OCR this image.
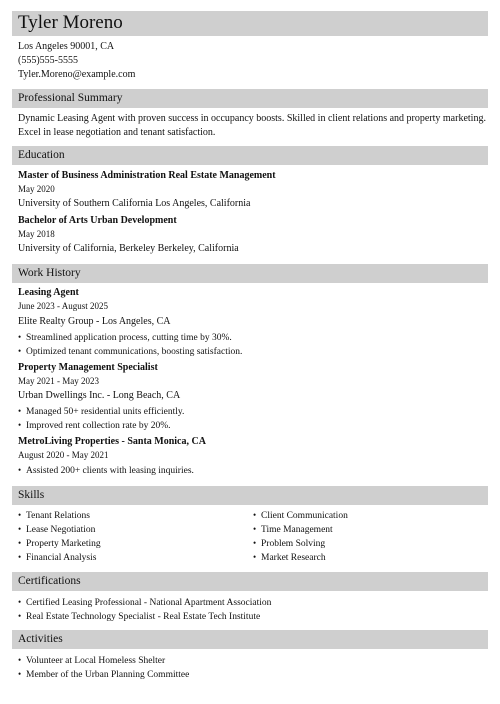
Tyler Moreno
Los Angeles 90001, CA
(555)555-5555
Tyler.Moreno@example.com
Professional Summary
Dynamic Leasing Agent with proven success in occupancy boosts. Skilled in client relations and property marketing. Excel in lease negotiation and tenant satisfaction.
Education
Master of Business Administration Real Estate Management
May 2020
University of Southern California Los Angeles, California
Bachelor of Arts Urban Development
May 2018
University of California, Berkeley Berkeley, California
Work History
Leasing Agent
June 2023 - August 2025
Elite Realty Group - Los Angeles, CA
• Streamlined application process, cutting time by 30%.
• Optimized tenant communications, boosting satisfaction.
Property Management Specialist
May 2021 - May 2023
Urban Dwellings Inc. - Long Beach, CA
• Managed 50+ residential units efficiently.
• Improved rent collection rate by 20%.
MetroLiving Properties - Santa Monica, CA
August 2020 - May 2021
• Assisted 200+ clients with leasing inquiries.
Skills
• Tenant Relations
• Lease Negotiation
• Property Marketing
• Financial Analysis
• Client Communication
• Time Management
• Problem Solving
• Market Research
Certifications
• Certified Leasing Professional - National Apartment Association
• Real Estate Technology Specialist - Real Estate Tech Institute
Activities
• Volunteer at Local Homeless Shelter
• Member of the Urban Planning Committee
